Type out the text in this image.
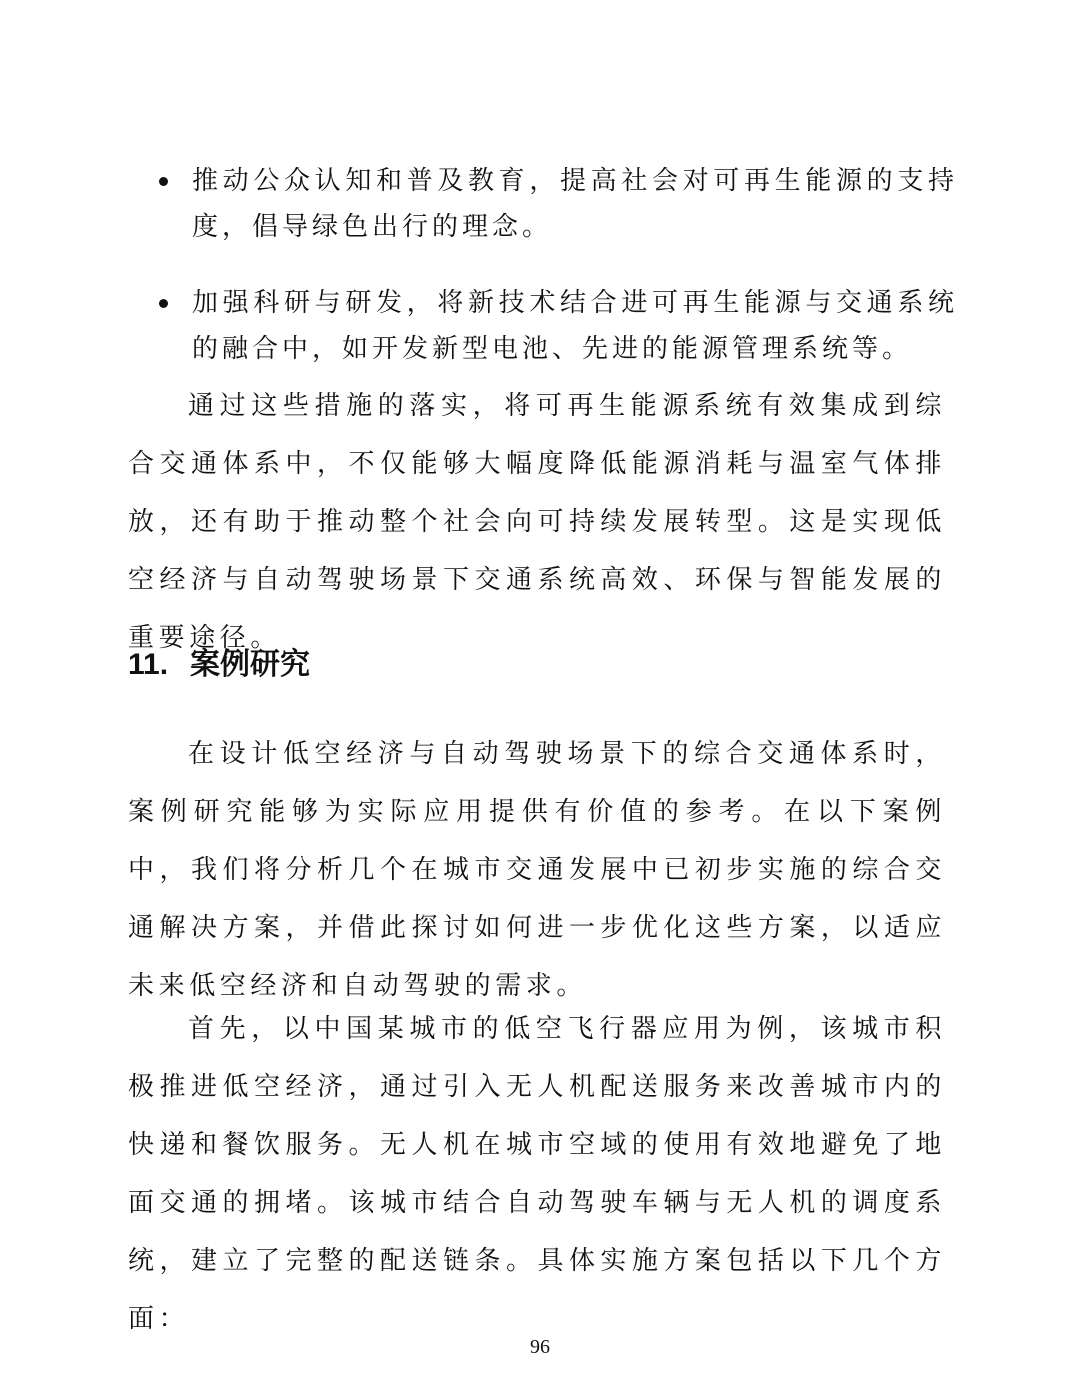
推动公众认知和普及教育，提高社会对可再生能源的支持度，倡导绿色出行的理念。
加强科研与研发，将新技术结合进可再生能源与交通系统的融合中，如开发新型电池、先进的能源管理系统等。

通过这些措施的落实，将可再生能源系统有效集成到综合交通体系中，不仅能够大幅度降低能源消耗与温室气体排放，还有助于推动整个社会向可持续发展转型。这是实现低空经济与自动驾驶场景下交通系统高效、环保与智能发展的重要途径。

11. 案例研究

在设计低空经济与自动驾驶场景下的综合交通体系时，案例研究能够为实际应用提供有价值的参考。在以下案例中，我们将分析几个在城市交通发展中已初步实施的综合交通解决方案，并借此探讨如何进一步优化这些方案，以适应未来低空经济和自动驾驶的需求。

首先，以中国某城市的低空飞行器应用为例，该城市积极推进低空经济，通过引入无人机配送服务来改善城市内的快递和餐饮服务。无人机在城市空域的使用有效地避免了地面交通的拥堵。该城市结合自动驾驶车辆与无人机的调度系统，建立了完整的配送链条。具体实施方案包括以下几个方面：

96
